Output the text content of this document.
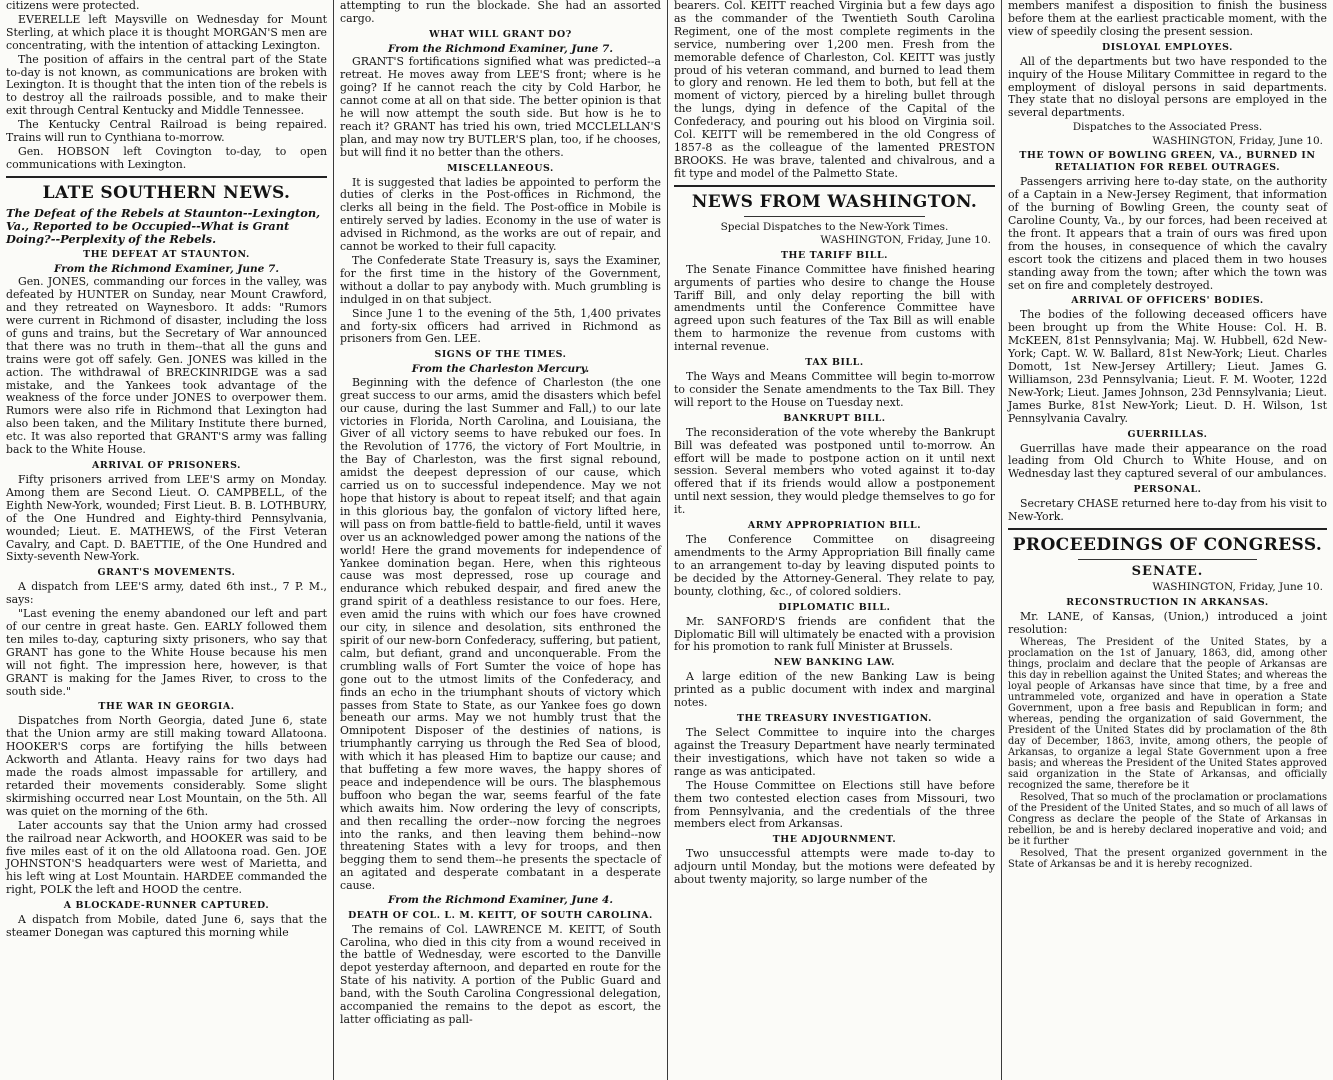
citizens were protected.

EVERELLE left Maysville on Wednesday for Mount Sterling, at which place it is thought MORGAN'S men are concentrating, with the intention of attacking Lexington.

The position of affairs in the central part of the State to-day is not known, as communications are broken with Lexington. It is thought that the inten tion of the rebels is to destroy all the railroads possible, and to make their exit through Central Kentucky and Middle Tennessee.

The Kentucky Central Railroad is being repaired. Trains will run to Cynthiana to-morrow.

Gen. HOBSON left Covington to-day, to open communications with Lexington.

LATE SOUTHERN NEWS.
The Defeat of the Rebels at Staunton--Lexington, Va., Reported to be Occupied--What is Grant Doing?--Perplexity of the Rebels.
THE DEFEAT AT STAUNTON.
From the Richmond Examiner, June 7.

Gen. JONES, commanding our forces in the valley, was defeated by HUNTER on Sunday, near Mount Crawford, and they retreated on Waynesboro. It adds: "Rumors were current in Richmond of disaster, including the loss of guns and trains, but the Secretary of War announced that there was no truth in them--that all the guns and trains were got off safely. Gen. JONES was killed in the action. The withdrawal of BRECKINRIDGE was a sad mistake, and the Yankees took advantage of the weakness of the force under JONES to overpower them. Rumors were also rife in Richmond that Lexington had also been taken, and the Military Institute there burned, etc. It was also reported that GRANT'S army was falling back to the White House.

ARRIVAL OF PRISONERS.

Fifty prisoners arrived from LEE'S army on Monday. Among them are Second Lieut. O. CAMPBELL, of the Eighth New-York, wounded; First Lieut. B. B. LOTHBURY, of the One Hundred and Eighty-third Pennsylvania, wounded; Lieut. E. MATHEWS, of the First Veteran Cavalry, and Capt. D. BAETTIE, of the One Hundred and Sixty-seventh New-York.

GRANT'S MOVEMENTS.

A dispatch from LEE'S army, dated 6th inst., 7 P. M., says:

"Last evening the enemy abandoned our left and part of our centre in great haste. Gen. EARLY followed them ten miles to-day, capturing sixty prisoners, who say that GRANT has gone to the White House because his men will not fight. The impression here, however, is that GRANT is making for the James River, to cross to the south side."

THE WAR IN GEORGIA.

Dispatches from North Georgia, dated June 6, state that the Union army are still making toward Allatoona. HOOKER'S corps are fortifying the hills between Ackworth and Atlanta. Heavy rains for two days had made the roads almost impassable for artillery, and retarded their movements considerably. Some slight skirmishing occurred near Lost Mountain, on the 5th. All was quiet on the morning of the 6th.

Later accounts say that the Union army had crossed the railroad near Ackworth, and HOOKER was said to be five miles east of it on the old Allatoona road. Gen. JOE JOHNSTON'S headquarters were west of Marietta, and his left wing at Lost Mountain. HARDEE commanded the right, POLK the left and HOOD the centre.

A BLOCKADE-RUNNER CAPTURED.

A dispatch from Mobile, dated June 6, says that the steamer Donegan was captured this morning while

attempting to run the blockade. She had an assorted cargo.

WHAT WILL GRANT DO?
From the Richmond Examiner, June 7.

GRANT'S fortifications signified what was predicted--a retreat. He moves away from LEE'S front; where is he going? If he cannot reach the city by Cold Harbor, he cannot come at all on that side. The better opinion is that he will now attempt the south side. But how is he to reach it? GRANT has tried his own, tried MCCLELLAN'S plan, and may now try BUTLER'S plan, too, if he chooses, but will find it no better than the others.

MISCELLANEOUS.

It is suggested that ladies be appointed to perform the duties of clerks in the Post-offices in Richmond, the clerks all being in the field. The Post-office in Mobile is entirely served by ladies. Economy in the use of water is advised in Richmond, as the works are out of repair, and cannot be worked to their full capacity.

The Confederate State Treasury is, says the Examiner, for the first time in the history of the Government, without a dollar to pay anybody with. Much grumbling is indulged in on that subject.

Since June 1 to the evening of the 5th, 1,400 privates and forty-six officers had arrived in Richmond as prisoners from Gen. LEE.

SIGNS OF THE TIMES.
From the Charleston Mercury.

Beginning with the defence of Charleston (the one great success to our arms, amid the disasters which befel our cause, during the last Summer and Fall,) to our late victories in Florida, North Carolina, and Louisiana, the Giver of all victory seems to have rebuked our foes. In the Revolution of 1776, the victory of Fort Moultrie, in the Bay of Charleston, was the first signal rebound, amidst the deepest depression of our cause, which carried us on to successful independence. May we not hope that history is about to repeat itself; and that again in this glorious bay, the gonfalon of victory lifted here, will pass on from battle-field to battle-field, until it waves over us an acknowledged power among the nations of the world! Here the grand movements for independence of Yankee domination began. Here, when this righteous cause was most depressed, rose up courage and endurance which rebuked despair, and fired anew the grand spirit of a deathless resistance to our foes. Here, even amid the ruins with which our foes have crowned our city, in silence and desolation, sits enthroned the spirit of our new-born Confederacy, suffering, but patient, calm, but defiant, grand and unconquerable. From the crumbling walls of Fort Sumter the voice of hope has gone out to the utmost limits of the Confederacy, and finds an echo in the triumphant shouts of victory which passes from State to State, as our Yankee foes go down beneath our arms. May we not humbly trust that the Omnipotent Disposer of the destinies of nations, is triumphantly carrying us through the Red Sea of blood, with which it has pleased Him to baptize our cause; and that buffeting a few more waves, the happy shores of peace and independence will be ours. The blasphemous buffoon who began the war, seems fearful of the fate which awaits him. Now ordering the levy of conscripts, and then recalling the order--now forcing the negroes into the ranks, and then leaving them behind--now threatening States with a levy for troops, and then begging them to send them--he presents the spectacle of an agitated and desperate combatant in a desperate cause.

From the Richmond Examiner, June 4.
DEATH OF COL. L. M. KEITT, OF SOUTH CAROLINA.

The remains of Col. LAWRENCE M. KEITT, of South Carolina, who died in this city from a wound received in the battle of Wednesday, were escorted to the Danville depot yesterday afternoon, and departed en route for the State of his nativity. A portion of the Public Guard and band, with the South Carolina Congressional delegation, accompanied the remains to the depot as escort, the latter officiating as pall-

bearers. Col. KEITT reached Virginia but a few days ago as the commander of the Twentieth South Carolina Regiment, one of the most complete regiments in the service, numbering over 1,200 men. Fresh from the memorable defence of Charleston, Col. KEITT was justly proud of his veteran command, and burned to lead them to glory and renown. He led them to both, but fell at the moment of victory, pierced by a hireling bullet through the lungs, dying in defence of the Capital of the Confederacy, and pouring out his blood on Virginia soil. Col. KEITT will be remembered in the old Congress of 1857-8 as the colleague of the lamented PRESTON BROOKS. He was brave, talented and chivalrous, and a fit type and model of the Palmetto State.

NEWS FROM WASHINGTON.
Special Dispatches to the New-York Times.
WASHINGTON, Friday, June 10.
THE TARIFF BILL.

The Senate Finance Committee have finished hearing arguments of parties who desire to change the House Tariff Bill, and only delay reporting the bill with amendments until the Conference Committee have agreed upon such features of the Tax Bill as will enable them to harmonize the revenue from customs with internal revenue.

TAX BILL.

The Ways and Means Committee will begin to-morrow to consider the Senate amendments to the Tax Bill. They will report to the House on Tuesday next.

BANKRUPT BILL.

The reconsideration of the vote whereby the Bankrupt Bill was defeated was postponed until to-morrow. An effort will be made to postpone action on it until next session. Several members who voted against it to-day offered that if its friends would allow a postponement until next session, they would pledge themselves to go for it.

ARMY APPROPRIATION BILL.

The Conference Committee on disagreeing amendments to the Army Appropriation Bill finally came to an arrangement to-day by leaving disputed points to be decided by the Attorney-General. They relate to pay, bounty, clothing, &c., of colored soldiers.

DIPLOMATIC BILL.

Mr. SANFORD'S friends are confident that the Diplomatic Bill will ultimately be enacted with a provision for his promotion to rank full Minister at Brussels.

NEW BANKING LAW.

A large edition of the new Banking Law is being printed as a public document with index and marginal notes.

THE TREASURY INVESTIGATION.

The Select Committee to inquire into the charges against the Treasury Department have nearly terminated their investigations, which have not taken so wide a range as was anticipated.

The House Committee on Elections still have before them two contested election cases from Missouri, two from Pennsylvania, and the credentials of the three members elect from Arkansas.

THE ADJOURNMENT.

Two unsuccessful attempts were made to-day to adjourn until Monday, but the motions were defeated by about twenty majority, so large number of the

members manifest a disposition to finish the business before them at the earliest practicable moment, with the view of speedily closing the present session.

DISLOYAL EMPLOYES.

All of the departments but two have responded to the inquiry of the House Military Committee in regard to the employment of disloyal persons in said departments. They state that no disloyal persons are employed in the several departments.

Dispatches to the Associated Press.
WASHINGTON, Friday, June 10.
THE TOWN OF BOWLING GREEN, VA., BURNED IN RETALIATION FOR REBEL OUTRAGES.

Passengers arriving here to-day state, on the authority of a Captain in a New-Jersey Regiment, that information of the burning of Bowling Green, the county seat of Caroline County, Va., by our forces, had been received at the front. It appears that a train of ours was fired upon from the houses, in consequence of which the cavalry escort took the citizens and placed them in two houses standing away from the town; after which the town was set on fire and completely destroyed.

ARRIVAL OF OFFICERS' BODIES.

The bodies of the following deceased officers have been brought up from the White House: Col. H. B. McKEEN, 81st Pennsylvania; Maj. W. Hubbell, 62d New-York; Capt. W. W. Ballard, 81st New-York; Lieut. Charles Domott, 1st New-Jersey Artillery; Lieut. James G. Williamson, 23d Pennsylvania; Lieut. F. M. Wooter, 122d New-York; Lieut. James Johnson, 23d Pennsylvania; Lieut. James Burke, 81st New-York; Lieut. D. H. Wilson, 1st Pennsylvania Cavalry.

GUERRILLAS.

Guerrillas have made their appearance on the road leading from Old Church to White House, and on Wednesday last they captured several of our ambulances.

PERSONAL.

Secretary CHASE returned here to-day from his visit to New-York.

PROCEEDINGS OF CONGRESS.
SENATE.
WASHINGTON, Friday, June 10.
RECONSTRUCTION IN ARKANSAS.

Mr. LANE, of Kansas, (Union,) introduced a joint resolution:

Whereas, The President of the United States, by a proclamation on the 1st of January, 1863, did, among other things, proclaim and declare that the people of Arkansas are this day in rebellion against the United States; and whereas the loyal people of Arkansas have since that time, by a free and untrammeled vote, organized and have in operation a State Government, upon a free basis and Republican in form; and whereas, pending the organization of said Government, the President of the United States did by proclamation of the 8th day of December, 1863, invite, among others, the people of Arkansas, to organize a legal State Government upon a free basis; and whereas the President of the United States approved said organization in the State of Arkansas, and officially recognized the same, therefore be it

Resolved, That so much of the proclamation or proclamations of the President of the United States, and so much of all laws of Congress as declare the people of the State of Arkansas in rebellion, be and is hereby declared inoperative and void; and be it further

Resolved, That the present organized government in the State of Arkansas be and it is hereby recognized.
